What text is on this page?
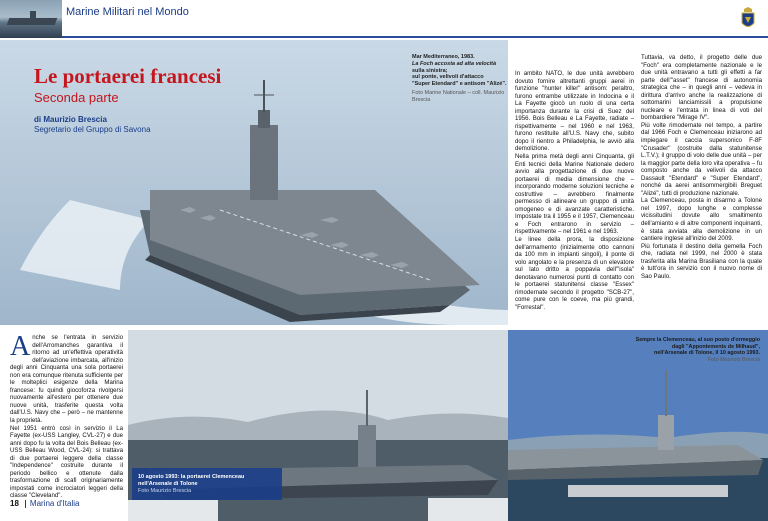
Marine Militari nel Mondo
Le portaerei francesi
Seconda parte
di Maurizio Brescia
Segretario del Gruppo di Savona
Mar Mediterraneo, 1983.
La Foch accosta ad alta velocità
sulla sinistra;
sul ponte, velivoli d'attacco
"Super Etendard" e antisom "Alizé".
Foto Marine Nationale – coll. Maurizio Brescia

In ambito NATO, le due unità avrebbero dovuto fornire altrettanti gruppi aerei in funzione "hunter killer" antisom: peraltro, furono entrambe utilizzate in Indocina e il La Fayette giocò un ruolo di una certa importanza durante la crisi di Suez del 1956. Bois Belleau e La Fayette, radiate – rispettivamente – nel 1960 e nel 1963, furono restituite all'U.S. Navy che, subito dopo il rientro a Philadelphia, le avviò alla demolizione.

Nella prima metà degli anni Cinquanta, gli Enti tecnici della Marine Nationale dedero avvio alla progettazione di due nuove portaerei di media dimensione che – incorporando moderne soluzioni tecniche e costruttive – avrebbero finalmente permesso di allineare un gruppo di unità omogeneo e di avanzate caratteristiche. Impostate tra il 1955 e il 1957, Clemenceau e Foch entrarono in servizio – rispettivamente – nel 1961 e nel 1963.

Le linee della prora, la disposizione dell'armamento (inizialmente otto cannoni da 100 mm in impianti singoli), il ponte di volo angolato e la presenza di un elevatore sul lato dritto a poppavia dell'"isola" denotavano numerosi punti di contatto con le portaerei statunitensi classe "Essex" rimodernate secondo il progetto "SCB-27", come pure con le coeve, ma più grandi, "Forrestal".

Tuttavia, va detto, il progetto delle due "Foch" era completamente nazionale e le due unità entravano a tutti gli effetti a far parte dell'"asset" francese di autonomia strategica che – in quegli anni – vedeva in dirittura d'arrivo anche la realizzazione di sottomarini lanciamissili a propulsione nucleare e l'entrata in linea di voti del bombardiere "Mirage IV".

Più volte rimodernate nel tempo, a partire dal 1966 Foch e Clemenceau iniziarono ad impiegare il caccia supersonico F-8F "Crusader" (costruite dalla statunitense L.T.V.); il gruppo di volo delle due unità – per la maggior parte della loro vita operativa – fu composto anche da velivoli da attacco Dassault "Etendard" e "Super Etendard", nonché da aerei antisommergibili Breguet "Alizé", tutti di produzione nazionale.

La Clemenceau, posta in disarmo a Tolone nel 1997, dopo lunghe e complesse vicissitudini dovute allo smaltimento dell'amianto e di altre componenti inquinanti, è stata avviata alla demolizione in un cantiere inglese all'inizio del 2009.

Più fortunata il destino della gemella Foch che, radiata nel 1999, nel 2000 è stata trasferita alla Marina Brasiliana con la quale è tutt'ora in servizio con il nuovo nome di Sao Paulo.

Anche se l'entrata in servizio dell'Arromanches garantiva il ritorno ad un'effettiva operatività dell'aviazione imbarcata, all'inizio degli anni Cinquanta una sola portaerei non era comunque ritenuta sufficiente per le molteplici esigenze della Marina francese: fu quindi giocoforza rivolgersi nuovamente all'estero per ottenere due nuove unità, trasferite questa volta dall'U.S. Navy che – però – ne mantenne la proprietà.

Nel 1951 entrò così in servizio il La Fayette (ex-USS Langley, CVL-27) e due anni dopo fu la volta del Bois Belleau (ex-USS Belleau Wood, CVL-24): si trattava di due portaerei leggere della classe "Independence" costruite durante il periodo bellico e ottenute dalla trasformazione di scafi originariamente impostati come incrociatori leggeri della classe "Cleveland".

10 agosto 1993: la portaerei Clemenceau nell'Arsenale di Tolone
Foto Maurizio Brescia
Sempre la Clemenceau, al suo posto d'ormeggio
dagli "Appontements de Milhaud",
nell'Arsenale di Tolone, il 10 agosto 1993.
Foto Maurizio Brescia
18 Marina d'Italia
